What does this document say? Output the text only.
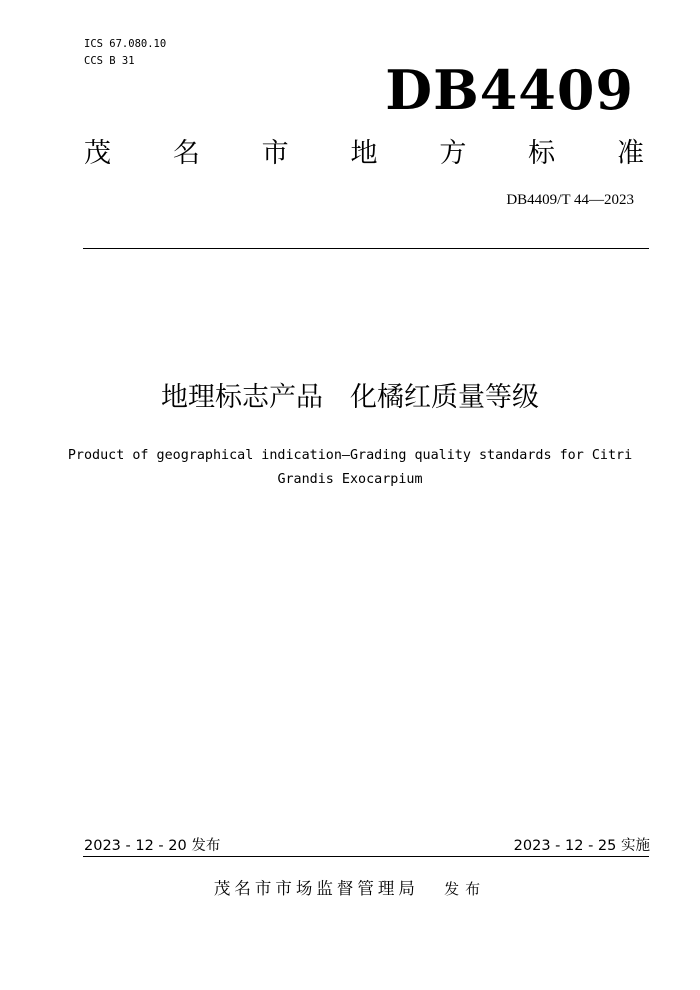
ICS 67.080.10
CCS B 31	DB4409
茂 名 市 地 方 标 准
DB4409/T 44—2023
地理标志产品　化橘红质量等级
Product of geographical indication—Grading quality standards for Citri Grandis Exocarpium
2023 - 12 - 20 发布	2023 - 12 - 25 实施
茂名市市场监督管理局 发布
